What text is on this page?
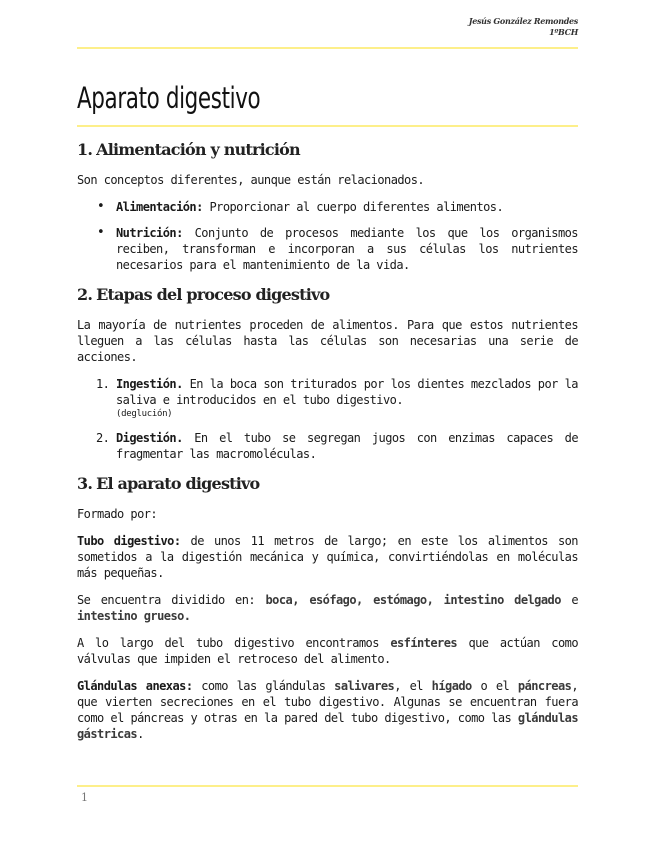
Jesús González Remondes
1ºBCH
Aparato digestivo
1. Alimentación y nutrición

Son conceptos diferentes, aunque están relacionados.

• Alimentación: Proporcionar al cuerpo diferentes alimentos.
• Nutrición: Conjunto de procesos mediante los que los organismos reciben, transforman e incorporan a sus células los nutrientes necesarios para el mantenimiento de la vida.
2. Etapas del proceso digestivo

La mayoría de nutrientes proceden de alimentos. Para que estos nutrientes lleguen a las células hasta las células son necesarias una serie de acciones.

1. Ingestión. En la boca son triturados por los dientes mezclados por la saliva e introducidos en el tubo digestivo.
(deglución)
2. Digestión. En el tubo se segregan jugos con enzimas capaces de fragmentar las macromoléculas.
3. El aparato digestivo

Formado por:

Tubo digestivo: de unos 11 metros de largo; en este los alimentos son sometidos a la digestión mecánica y química, convirtiéndolas en moléculas más pequeñas.

Se encuentra dividido en: boca, esófago, estómago, intestino delgado e intestino grueso.

A lo largo del tubo digestivo encontramos esfínteres que actúan como válvulas que impiden el retroceso del alimento.

Glándulas anexas: como las glándulas salivares, el hígado o el páncreas, que vierten secreciones en el tubo digestivo. Algunas se encuentran fuera como el páncreas y otras en la pared del tubo digestivo, como las glándulas gástricas.

1
